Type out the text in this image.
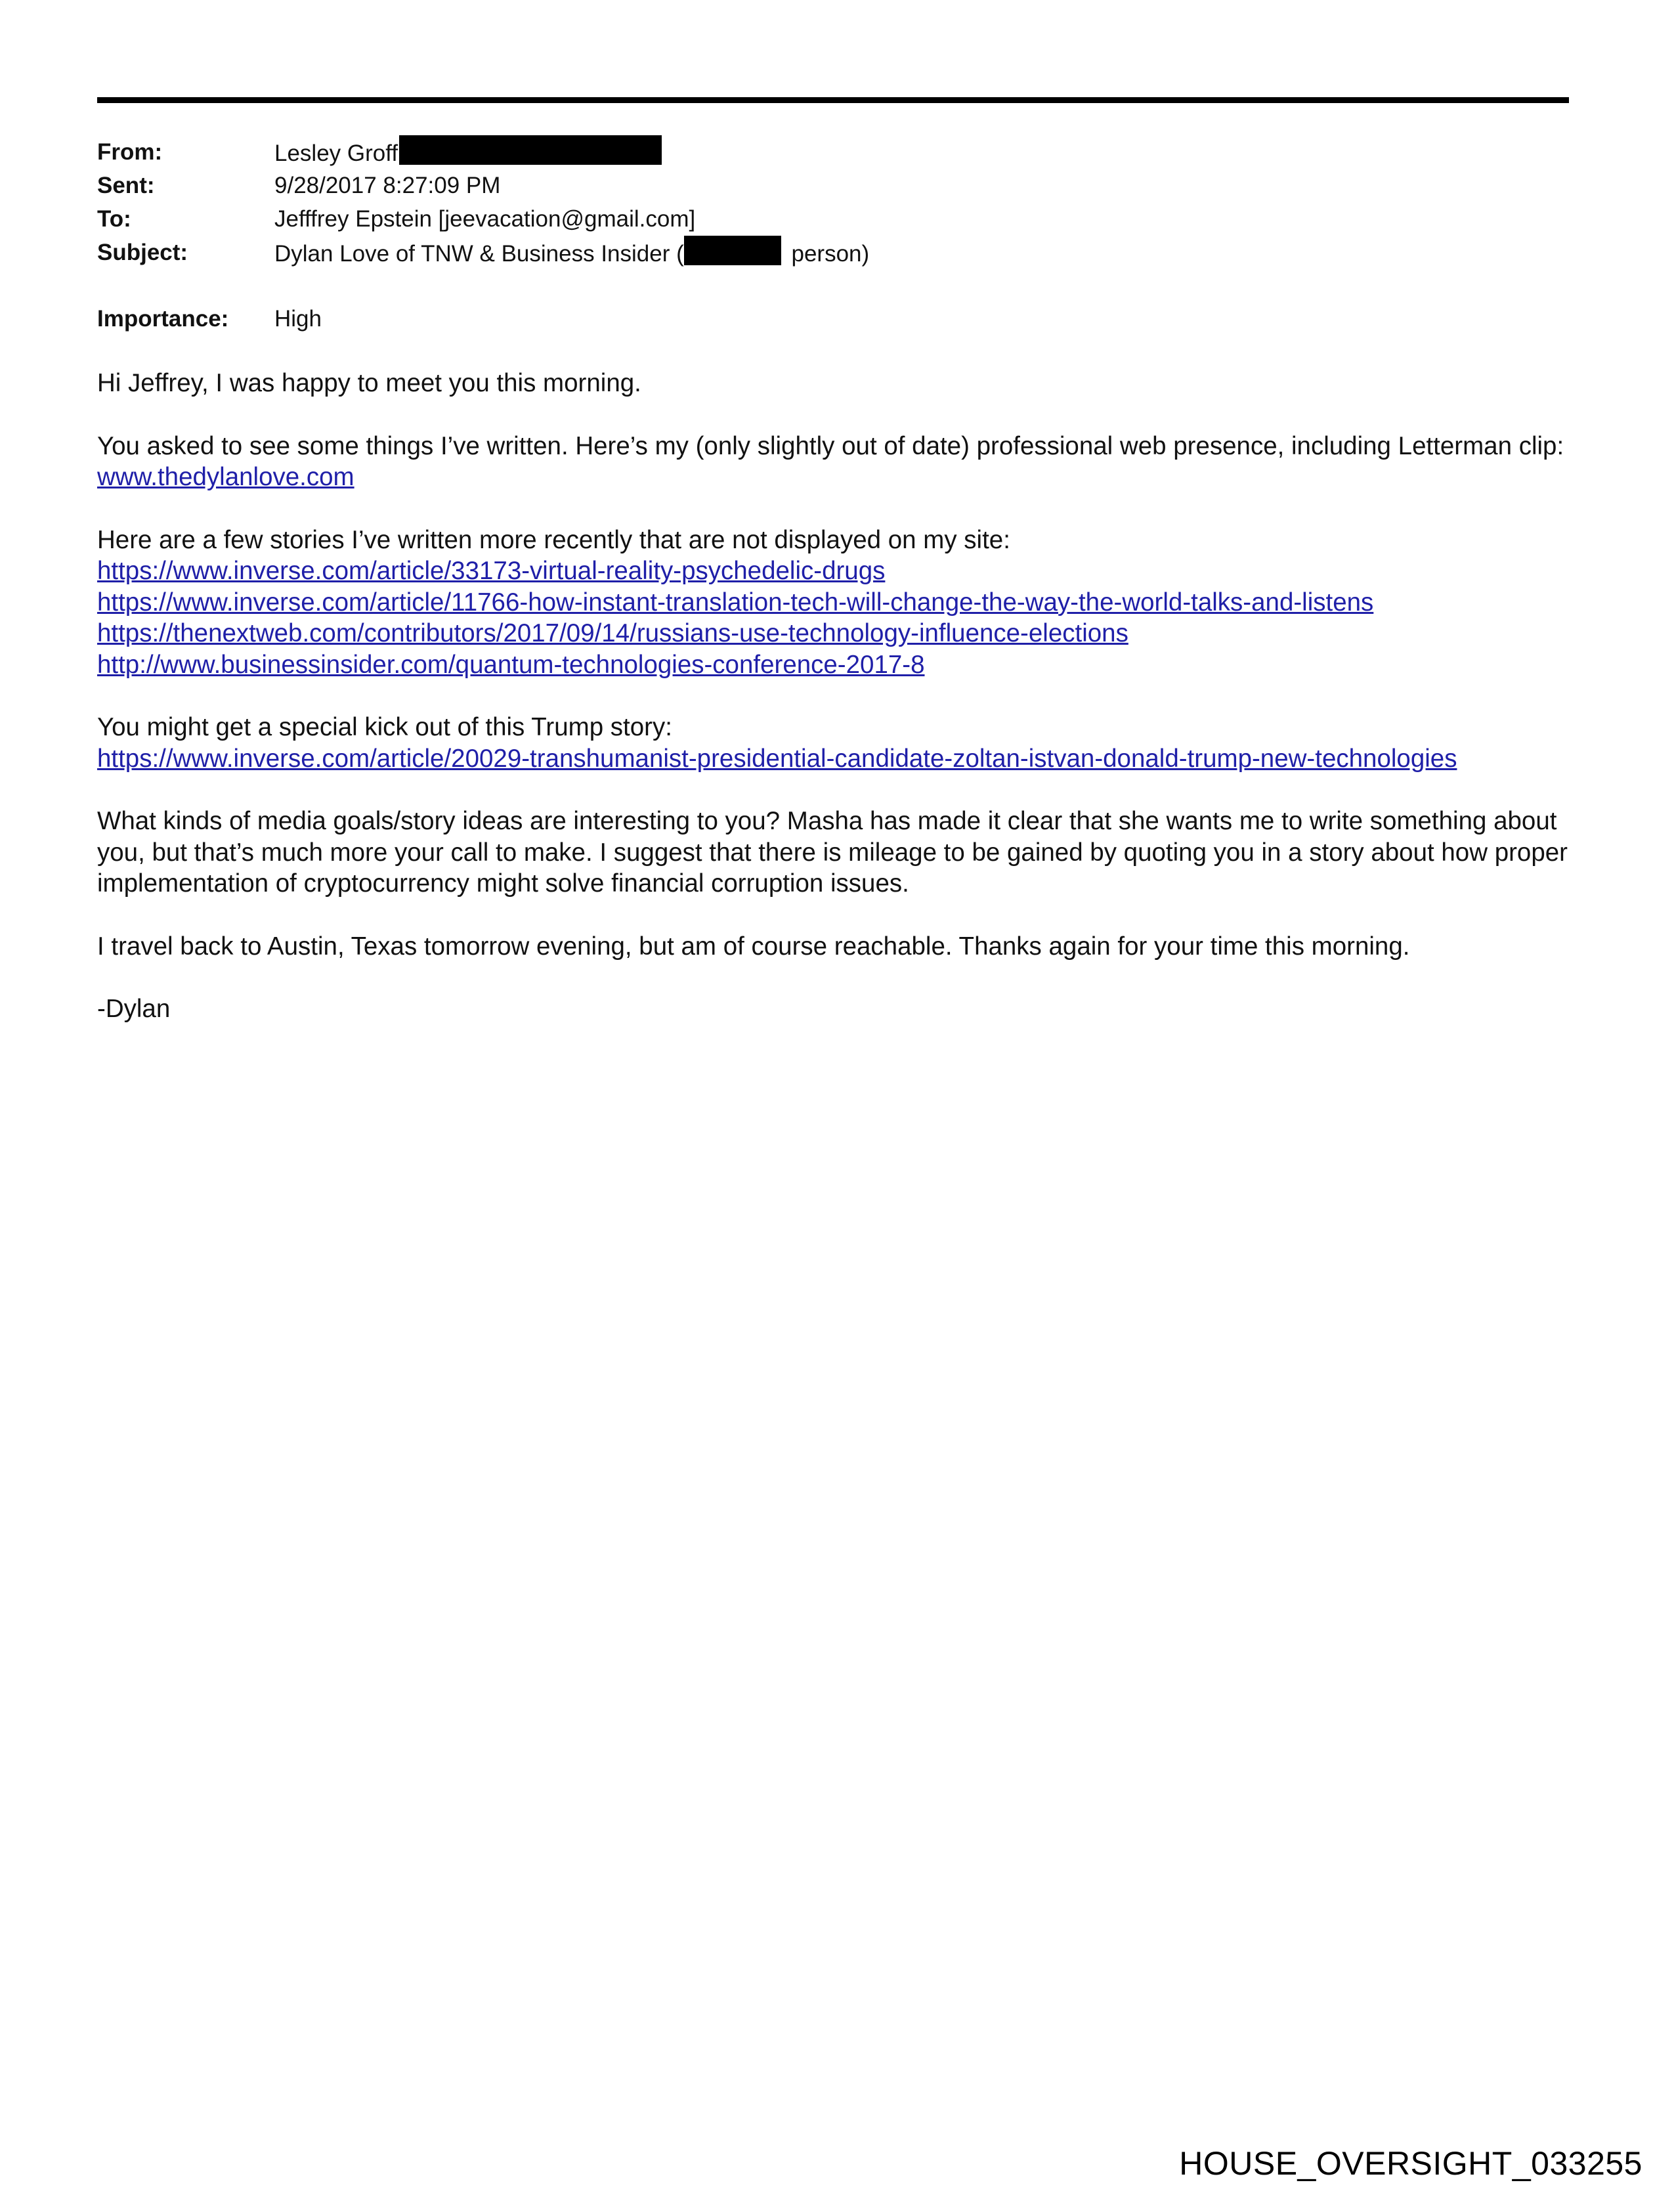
From:	Lesley Groff
Sent:	9/28/2017 8:27:09 PM
To:	Jefffrey Epstein [jeevacation@gmail.com]
Subject:	Dylan Love of TNW & Business Insider (	person)
Importance: High

Hi Jeffrey, I was happy to meet you this morning.

You asked to see some things I’ve written. Here’s my (only slightly out of date) professional web presence, including Letterman clip:
www.thedylanlove.com

Here are a few stories I’ve written more recently that are not displayed on my site:
https://www.inverse.com/article/33173-virtual-reality-psychedelic-drugs
https://www.inverse.com/article/11766-how-instant-translation-tech-will-change-the-way-the-world-talks-and-listens
https://thenextweb.com/contributors/2017/09/14/russians-use-technology-influence-elections
http://www.businessinsider.com/quantum-technologies-conference-2017-8

You might get a special kick out of this Trump story:
https://www.inverse.com/article/20029-transhumanist-presidential-candidate-zoltan-istvan-donald-trump-new-technologies

What kinds of media goals/story ideas are interesting to you? Masha has made it clear that she wants me to write something about you, but that’s much more your call to make. I suggest that there is mileage to be gained by quoting you in a story about how proper implementation of cryptocurrency might solve financial corruption issues.

I travel back to Austin, Texas tomorrow evening, but am of course reachable. Thanks again for your time this morning.

-Dylan

HOUSE_OVERSIGHT_033255
